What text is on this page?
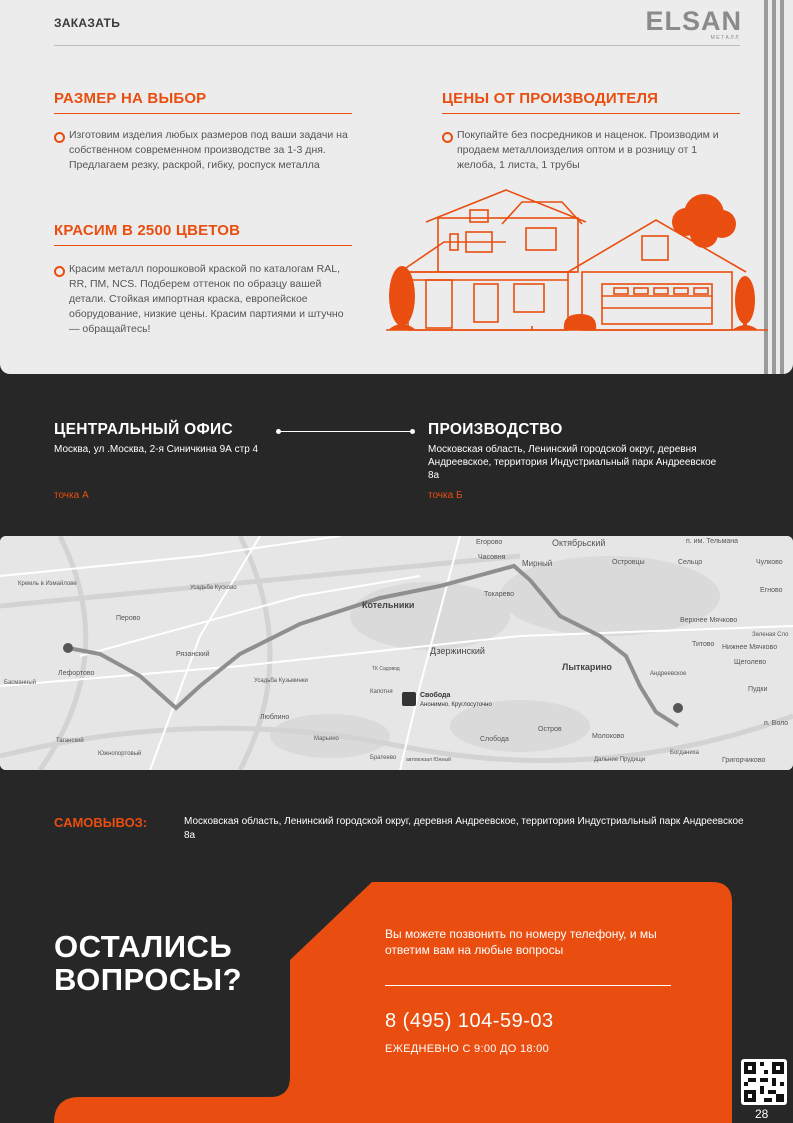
ЗАКАЗАТЬ	ELSAN
МЕТАЛЛ
РАЗМЕР НА ВЫБОР
Изготовим изделия любых размеров под ваши задачи на собственном современном производстве за 1-3 дня. Предлагаем резку, раскрой, гибку, роспуск металла
КРАСИМ В 2500 ЦВЕТОВ
Красим металл порошковой краской по каталогам RAL, RR, ПМ, NCS. Подберем оттенок по образцу вашей детали. Стойкая импортная краска, европейское оборудование, низкие цены. Красим партиями и штучно — обращайтесь!
ЦЕНЫ ОТ ПРОИЗВОДИТЕЛЯ
Покупайте без посредников и наценок. Производим и продаем металлоизделия оптом и в розницу от 1 желоба, 1 листа, 1 трубы
ЦЕНТРАЛЬНЫЙ ОФИС
Москва, ул .Москва, 2-я Синичкина 9А стр 4
точка А
ПРОИЗВОДСТВО
Московская область, Ленинский городской округ, деревня Андреевское, территория Индустриальный парк Андреевское 8а
точка Б
Егорово	Октябрьский	п. им. Тельмана
Часовня
Мирный	Островцы	Сельцо	Чулково
Кремль в Измайлове
Усадьба Кусково
Перово
Котельники
Токарево
Егново
Верхнее Мячково
Зеленая Сло
Титово Нижнее Мячково
Щеголево
Дзержинский
Лыткарино
Андреевское
Пудки
Рязанский
Усадьба Кузьминки
Свобода
Анонимно. Круглосуточно
Остров
Молоково
Слобода
п. Воло
Богданиха
Дальние Прудищи	Григорчиково
автовокзал Южный
Таганский
Южнопортовый
Лефортово
Басманный
Люблино
Марьино
Братеево
Капотня
ТК Садовод
САМОВЫВОЗ:	Московская область, Ленинский городской округ, деревня Андреевское, территория Индустриальный парк Андреевское 8а
ОСТАЛИСЬ
ВОПРОСЫ?
Вы можете позвонить по номеру телефону, и мы ответим вам на любые вопросы
8 (495) 104-59-03
ЕЖЕДНЕВНО С 9:00 ДО 18:00
28
